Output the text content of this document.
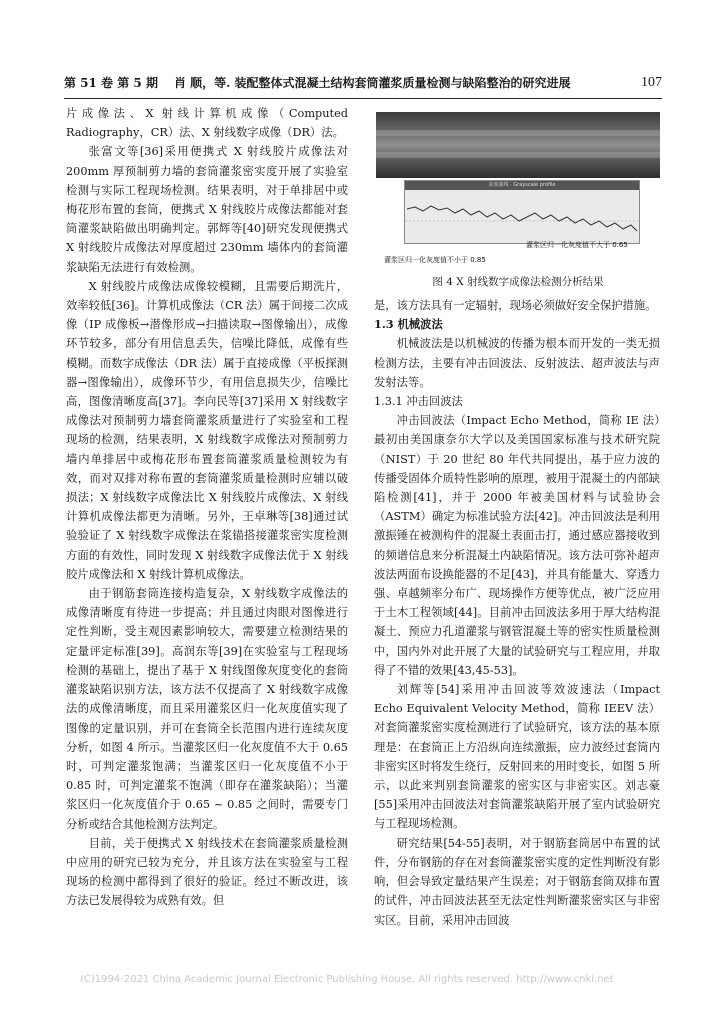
第 51 卷 第 5 期 肖 顺，等. 装配整体式混凝土结构套筒灌浆质量检测与缺陷整治的研究进展	107

片成像法、X 射线计算机成像（Computed Radiography，CR）法、X 射线数字成像（DR）法。

张富文等[36]采用便携式 X 射线胶片成像法对 200mm 厚预制剪力墙的套筒灌浆密实度开展了实验室检测与实际工程现场检测。结果表明，对于单排居中或梅花形布置的套筒，便携式 X 射线胶片成像法都能对套筒灌浆缺陷做出明确判定。郭辉等[40]研究发现便携式 X 射线胶片成像法对厚度超过 230mm 墙体内的套筒灌浆缺陷无法进行有效检测。

X 射线胶片成像法成像较模糊，且需要后期洗片，效率较低[36]。计算机成像法（CR 法）属于间接二次成像（IP 成像板→潜像形成→扫描读取→图像输出），成像环节较多，部分有用信息丢失，信噪比降低，成像有些模糊。而数字成像法（DR 法）属于直接成像（平板探测器→图像输出），成像环节少，有用信息损失少，信噪比高，图像清晰度高[37]。李向民等[37]采用 X 射线数字成像法对预制剪力墙套筒灌浆质量进行了实验室和工程现场的检测，结果表明，X 射线数字成像法对预制剪力墙内单排居中或梅花形布置套筒灌浆质量检测较为有效，而对双排对称布置的套筒灌浆质量检测时应辅以破损法；X 射线数字成像法比 X 射线胶片成像法、X 射线计算机成像法都更为清晰。另外，王卓琳等[38]通过试验验证了 X 射线数字成像法在浆锚搭接灌浆密实度检测方面的有效性，同时发现 X 射线数字成像法优于 X 射线胶片成像法和 X 射线计算机成像法。

由于钢筋套筒连接构造复杂，X 射线数字成像法的成像清晰度有待进一步提高；并且通过肉眼对图像进行定性判断，受主观因素影响较大，需要建立检测结果的定量评定标准[39]。高润东等[39]在实验室与工程现场检测的基础上，提出了基于 X 射线图像灰度变化的套筒灌浆缺陷识别方法，该方法不仅提高了 X 射线数字成像法的成像清晰度，而且采用灌浆区归一化灰度值实现了图像的定量识别，并可在套筒全长范围内进行连续灰度分析，如图 4 所示。当灌浆区归一化灰度值不大于 0.65 时，可判定灌浆饱满；当灌浆区归一化灰度值不小于 0.85 时，可判定灌浆不饱满（即存在灌浆缺陷）；当灌浆区归一化灰度值介于 0.65 ~ 0.85 之间时，需要专门分析或结合其他检测方法判定。

目前，关于便携式 X 射线技术在套筒灌浆质量检测中应用的研究已较为充分，并且该方法在实验室与工程现场的检测中都得到了很好的验证。经过不断改进，该方法已发展得较为成熟有效。但

灰度曲线 · Grayscale profile
灌浆区归一化灰度值不大于 0.65
灌浆区归一化灰度值不小于 0.85
图 4 X 射线数字成像法检测分析结果

是，该方法具有一定辐射，现场必须做好安全保护措施。

1.3 机械波法

机械波法是以机械波的传播为根本而开发的一类无损检测方法，主要有冲击回波法、反射波法、超声波法与声发射法等。

1.3.1 冲击回波法

冲击回波法（Impact Echo Method，简称 IE 法）最初由美国康奈尔大学以及美国国家标准与技术研究院（NIST）于 20 世纪 80 年代共同提出，基于应力波的传播受固体介质特性影响的原理，被用于混凝土的内部缺陷检测[41]，并于 2000 年被美国材料与试验协会（ASTM）确定为标准试验方法[42]。冲击回波法是利用激振锤在被测构件的混凝土表面击打，通过感应器接收到的频谱信息来分析混凝土内缺陷情况。该方法可弥补超声波法两面布设换能器的不足[43]，并具有能量大、穿透力强、卓越频率分布广、现场操作方便等优点，被广泛应用于土木工程领域[44]。目前冲击回波法多用于厚大结构混凝土、预应力孔道灌浆与钢管混凝土等的密实性质量检测中，国内外对此开展了大量的试验研究与工程应用，并取得了不错的效果[43,45-53]。

刘辉等[54]采用冲击回波等效波速法（Impact Echo Equivalent Velocity Method，简称 IEEV 法）对套筒灌浆密实度检测进行了试验研究，该方法的基本原理是：在套筒正上方沿纵向连续激振，应力波经过套筒内非密实区时将发生绕行，反射回来的用时变长，如图 5 所示，以此来判别套筒灌浆的密实区与非密实区。刘志豪[55]采用冲击回波法对套筒灌浆缺陷开展了室内试验研究与工程现场检测。

研究结果[54-55]表明，对于钢筋套筒居中布置的试件，分布钢筋的存在对套筒灌浆密实度的定性判断没有影响，但会导致定量结果产生误差；对于钢筋套筒双排布置的试件，冲击回波法甚至无法定性判断灌浆密实区与非密实区。目前，采用冲击回波

(C)1994-2021 China Academic Journal Electronic Publishing House. All rights reserved. http://www.cnki.net
